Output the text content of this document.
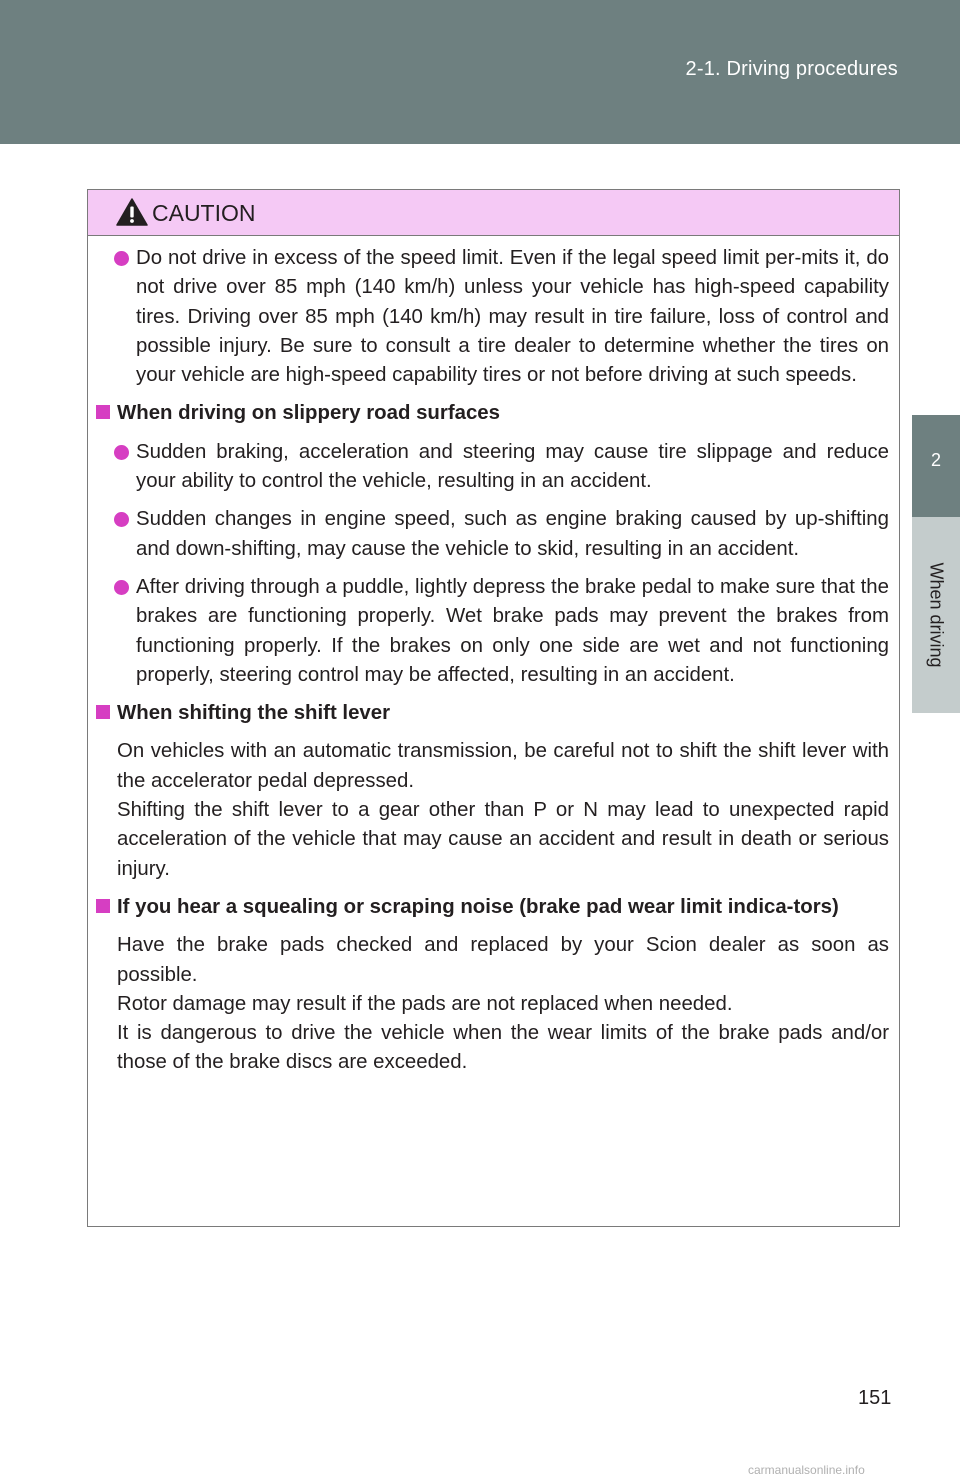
2-1. Driving procedures
2
When driving
CAUTION
Do not drive in excess of the speed limit. Even if the legal speed limit per-mits it, do not drive over 85 mph (140 km/h) unless your vehicle has high-speed capability tires. Driving over 85 mph (140 km/h) may result in tire failure, loss of control and possible injury. Be sure to consult a tire dealer to determine whether the tires on your vehicle are high-speed capability tires or not before driving at such speeds.
When driving on slippery road surfaces
Sudden braking, acceleration and steering may cause tire slippage and reduce your ability to control the vehicle, resulting in an accident.
Sudden changes in engine speed, such as engine braking caused by up-shifting and down-shifting, may cause the vehicle to skid, resulting in an accident.
After driving through a puddle, lightly depress the brake pedal to make sure that the brakes are functioning properly. Wet brake pads may prevent the brakes from functioning properly. If the brakes on only one side are wet and not functioning properly, steering control may be affected, resulting in an accident.
When shifting the shift lever
On vehicles with an automatic transmission, be careful not to shift the shift lever with the accelerator pedal depressed.
Shifting the shift lever to a gear other than P or N may lead to unexpected rapid acceleration of the vehicle that may cause an accident and result in death or serious injury.
If you hear a squealing or scraping noise (brake pad wear limit indica-tors)
Have the brake pads checked and replaced by your Scion dealer as soon as possible.
Rotor damage may result if the pads are not replaced when needed.
It is dangerous to drive the vehicle when the wear limits of the brake pads and/or those of the brake discs are exceeded.
151
carmanualsonline.info
